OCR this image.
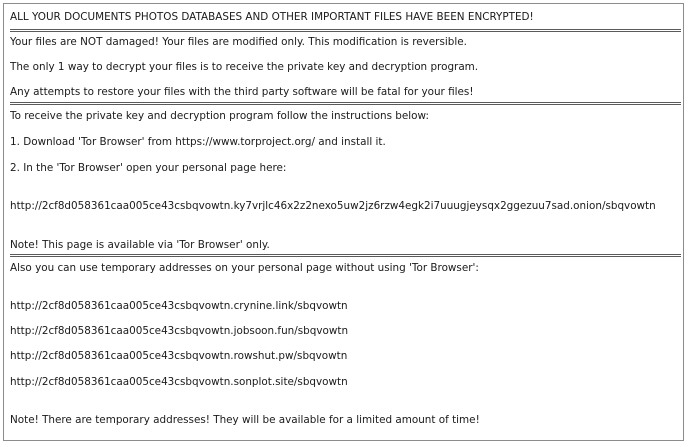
ALL YOUR DOCUMENTS PHOTOS DATABASES AND OTHER IMPORTANT FILES HAVE BEEN ENCRYPTED!
Your files are NOT damaged! Your files are modified only. This modification is reversible.
The only 1 way to decrypt your files is to receive the private key and decryption program.
Any attempts to restore your files with the third party software will be fatal for your files!
To receive the private key and decryption program follow the instructions below:
1. Download 'Tor Browser' from https://www.torproject.org/ and install it.
2. In the 'Tor Browser' open your personal page here:
http://2cf8d058361caa005ce43csbqvowtn.ky7vrjlc46x2z2nexo5uw2jz6rzw4egk2i7uuugjeysqx2ggezuu7sad.onion/sbqvowtn
Note! This page is available via 'Tor Browser' only.
Also you can use temporary addresses on your personal page without using 'Tor Browser':
http://2cf8d058361caa005ce43csbqvowtn.crynine.link/sbqvowtn
http://2cf8d058361caa005ce43csbqvowtn.jobsoon.fun/sbqvowtn
http://2cf8d058361caa005ce43csbqvowtn.rowshut.pw/sbqvowtn
http://2cf8d058361caa005ce43csbqvowtn.sonplot.site/sbqvowtn
Note! There are temporary addresses! They will be available for a limited amount of time!
